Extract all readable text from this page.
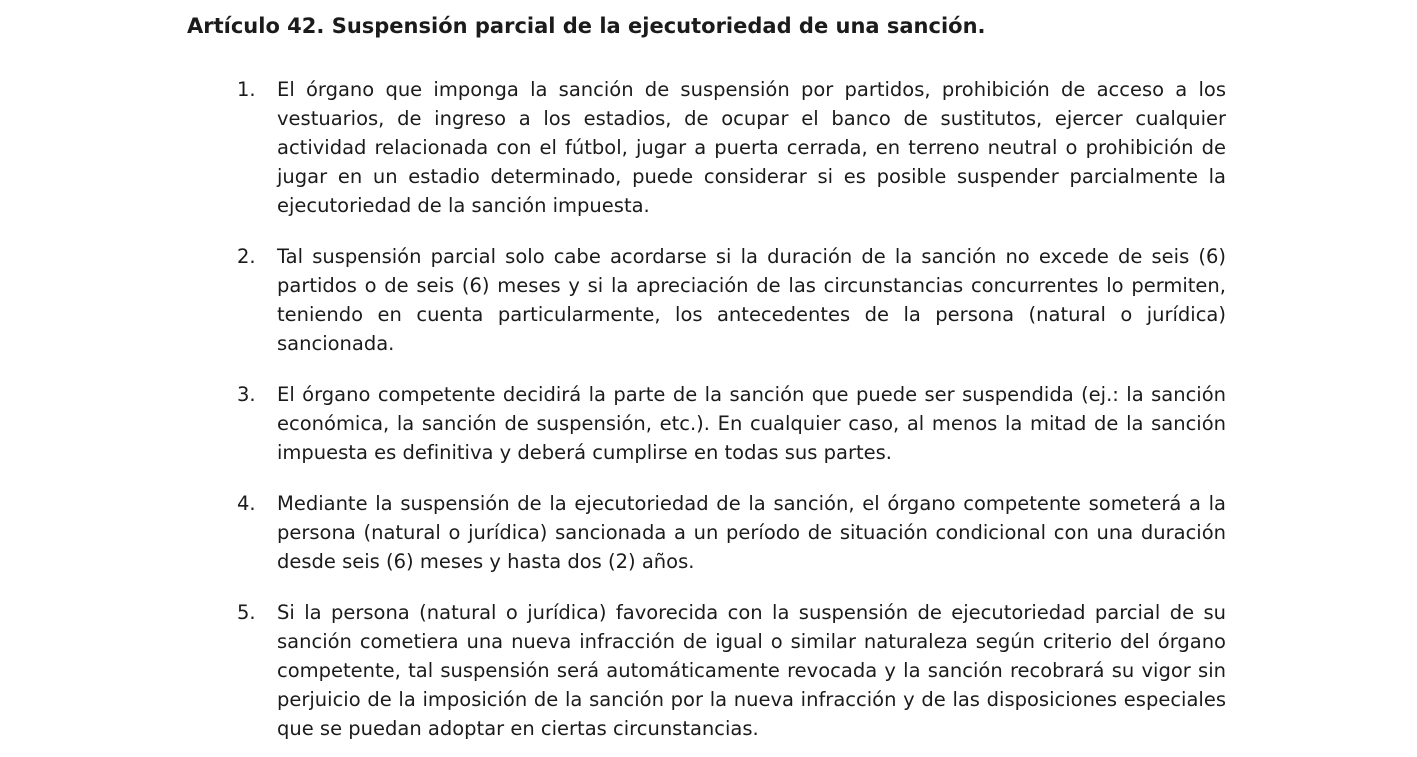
Artículo 42. Suspensión parcial de la ejecutoriedad de una sanción.
1.	El órgano que imponga la sanción de suspensión por partidos, prohibición de acceso a los vestuarios, de ingreso a los estadios, de ocupar el banco de sustitutos, ejercer cualquier actividad relacionada con el fútbol, jugar a puerta cerrada, en terreno neutral o prohibición de jugar en un estadio determinado, puede considerar si es posible suspender parcialmente la ejecutoriedad de la sanción impuesta.

2.	Tal suspensión parcial solo cabe acordarse si la duración de la sanción no excede de seis (6) partidos o de seis (6) meses y si la apreciación de las circunstancias concurrentes lo permiten, teniendo en cuenta particularmente, los antecedentes de la persona (natural o jurídica) sancionada.

3.	El órgano competente decidirá la parte de la sanción que puede ser suspendida (ej.: la sanción económica, la sanción de suspensión, etc.). En cualquier caso, al menos la mitad de la sanción impuesta es definitiva y deberá cumplirse en todas sus partes.

4.	Mediante la suspensión de la ejecutoriedad de la sanción, el órgano competente someterá a la persona (natural o jurídica) sancionada a un período de situación condicional con una duración desde seis (6) meses y hasta dos (2) años.

5.	Si la persona (natural o jurídica) favorecida con la suspensión de ejecutoriedad parcial de su sanción cometiera una nueva infracción de igual o similar naturaleza según criterio del órgano competente, tal suspensión será automáticamente revocada y la sanción recobrará su vigor sin perjuicio de la imposición de la sanción por la nueva infracción y de las disposiciones especiales que se puedan adoptar en ciertas circunstancias.
